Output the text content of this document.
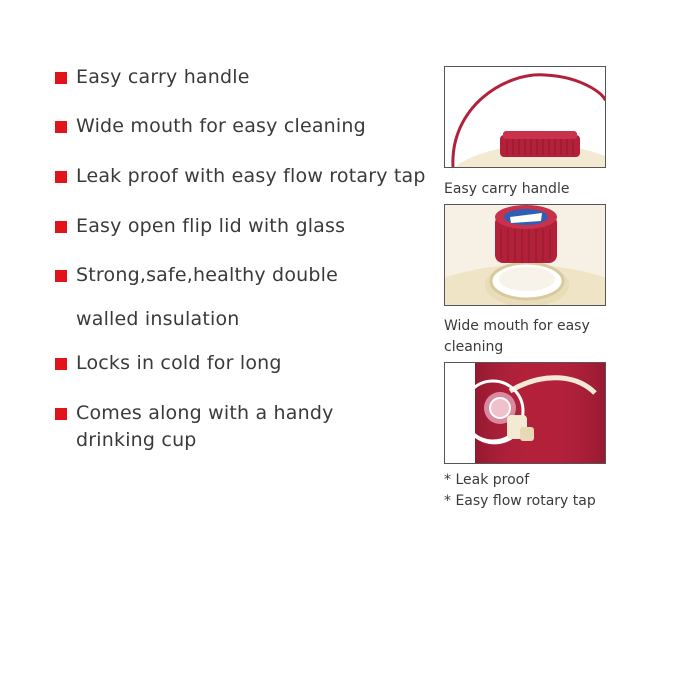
Easy carry handle
Wide mouth for easy cleaning
Leak proof with easy flow rotary tap
Easy open flip lid with glass
Strong,safe,healthy double
walled insulation
Locks in cold for long
Comes along with a handy
drinking cup
Easy carry handle
Wide mouth for easy
cleaning
* Leak proof
* Easy flow rotary tap
